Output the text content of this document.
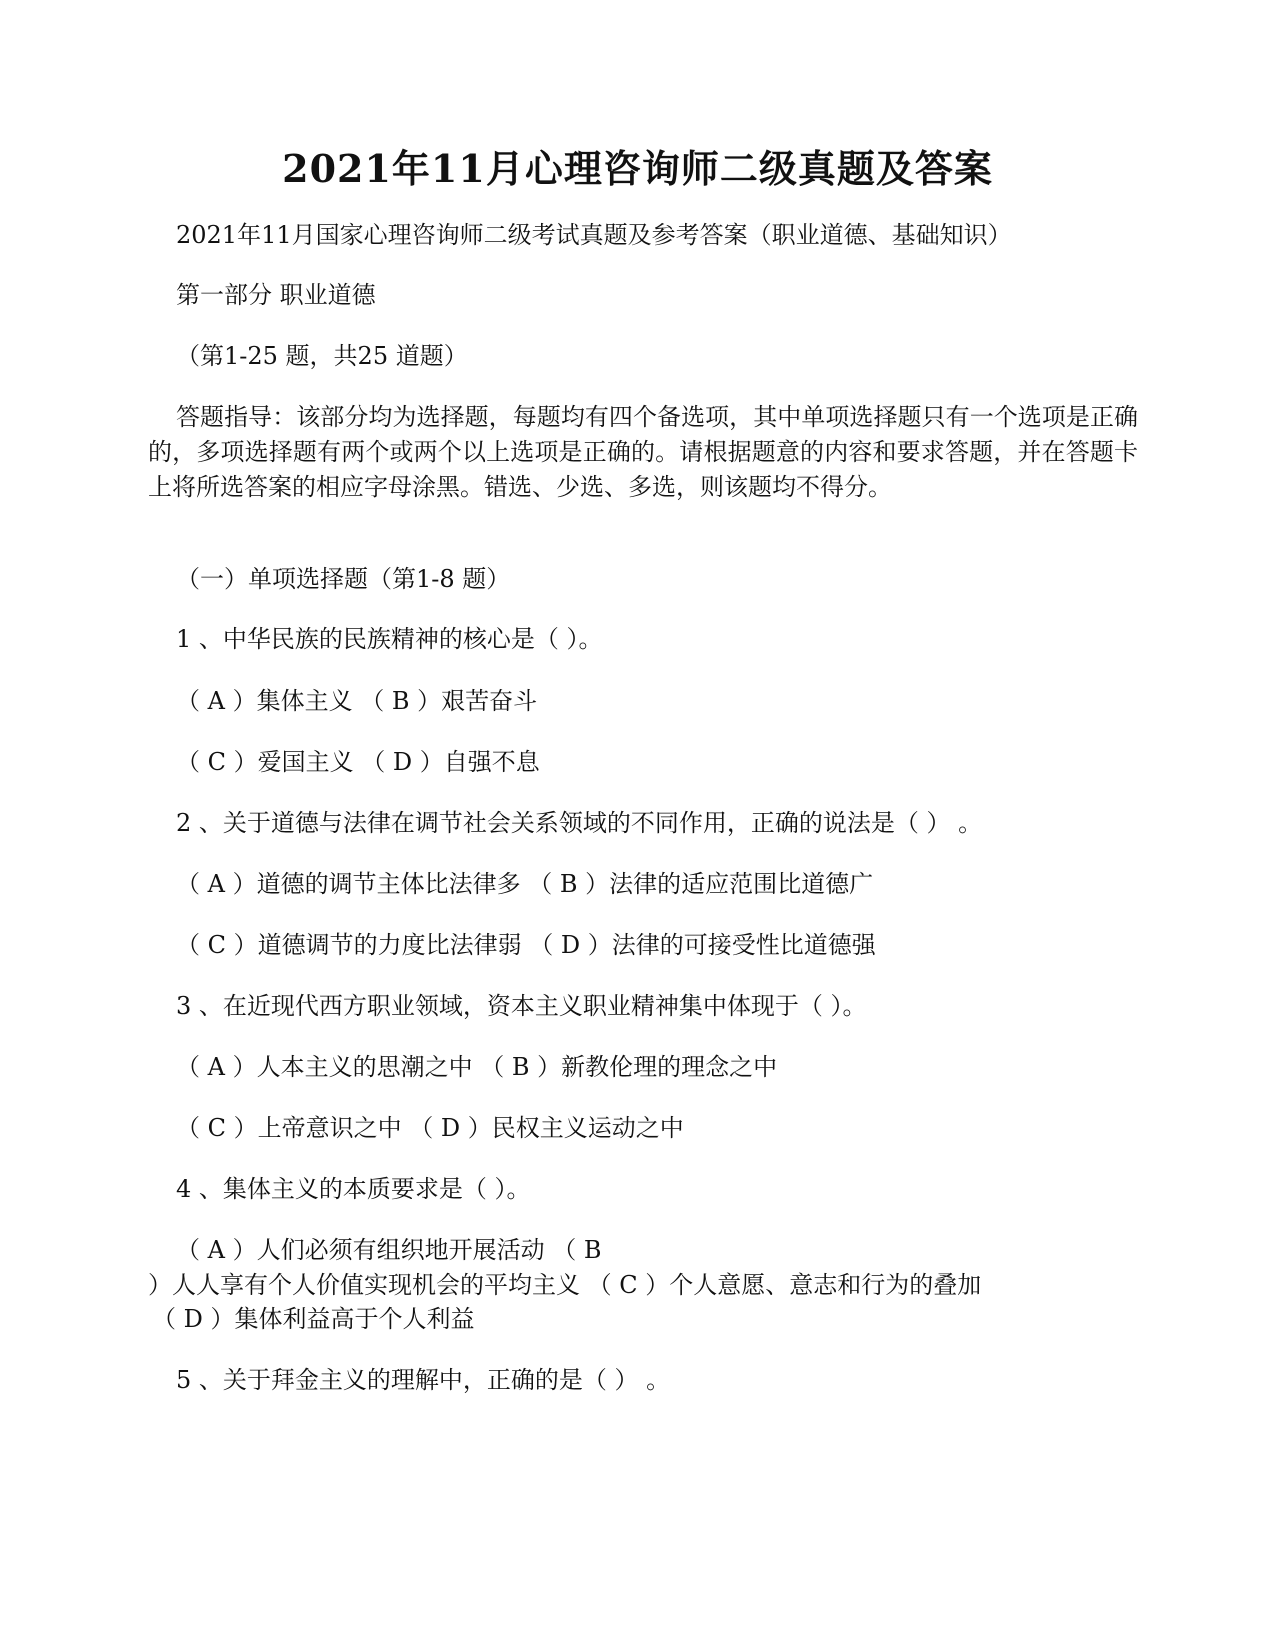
2021年11月心理咨询师二级真题及答案

2021年11月国家心理咨询师二级考试真题及参考答案（职业道德、基础知识）

第一部分 职业道德

（第1-25 题，共25 道题）

答题指导：该部分均为选择题，每题均有四个备选项，其中单项选择题只有一个选项是正确的，多项选择题有两个或两个以上选项是正确的。请根据题意的内容和要求答题，并在答题卡上将所选答案的相应字母涂黑。错选、少选、多选，则该题均不得分。

（一）单项选择题（第1-8 题）

1 、中华民族的民族精神的核心是（ ）。

（ A ）集体主义 （ B ）艰苦奋斗

（ C ）爱国主义 （ D ）自强不息

2 、关于道德与法律在调节社会关系领域的不同作用，正确的说法是（ ） 。

（ A ）道德的调节主体比法律多 （ B ）法律的适应范围比道德广

（ C ）道德调节的力度比法律弱 （ D ）法律的可接受性比道德强

3 、在近现代西方职业领域，资本主义职业精神集中体现于（ ）。

（ A ）人本主义的思潮之中 （ B ）新教伦理的理念之中

（ C ）上帝意识之中 （ D ）民权主义运动之中

4 、集体主义的本质要求是（ ）。

（ A ）人们必须有组织地开展活动 （ B

）人人享有个人价值实现机会的平均主义 （ C ）个人意愿、意志和行为的叠加

（ D ）集体利益高于个人利益

5 、关于拜金主义的理解中，正确的是（ ） 。
